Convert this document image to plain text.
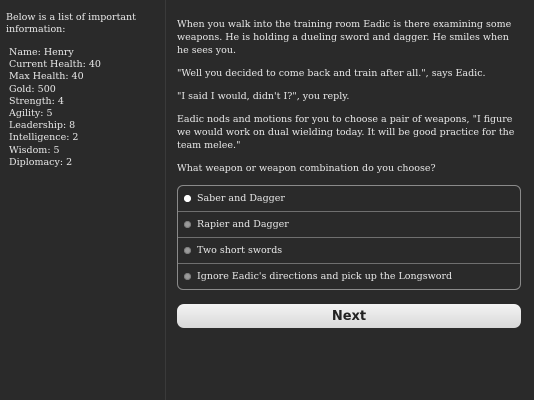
Below is a list of important information:
Name: Henry
Current Health: 40
Max Health: 40
Gold: 500
Strength: 4
Agility: 5
Leadership: 8
Intelligence: 2
Wisdom: 5
Diplomacy: 2

When you walk into the training room Eadic is there examining some weapons. He is holding a dueling sword and dagger. He smiles when he sees you.

"Well you decided to come back and train after all.", says Eadic.

"I said I would, didn't I?", you reply.

Eadic nods and motions for you to choose a pair of weapons, "I figure we would work on dual wielding today. It will be good practice for the team melee."

What weapon or weapon combination do you choose?

Saber and Dagger
Rapier and Dagger
Two short swords
Ignore Eadic's directions and pick up the Longsword
Next
